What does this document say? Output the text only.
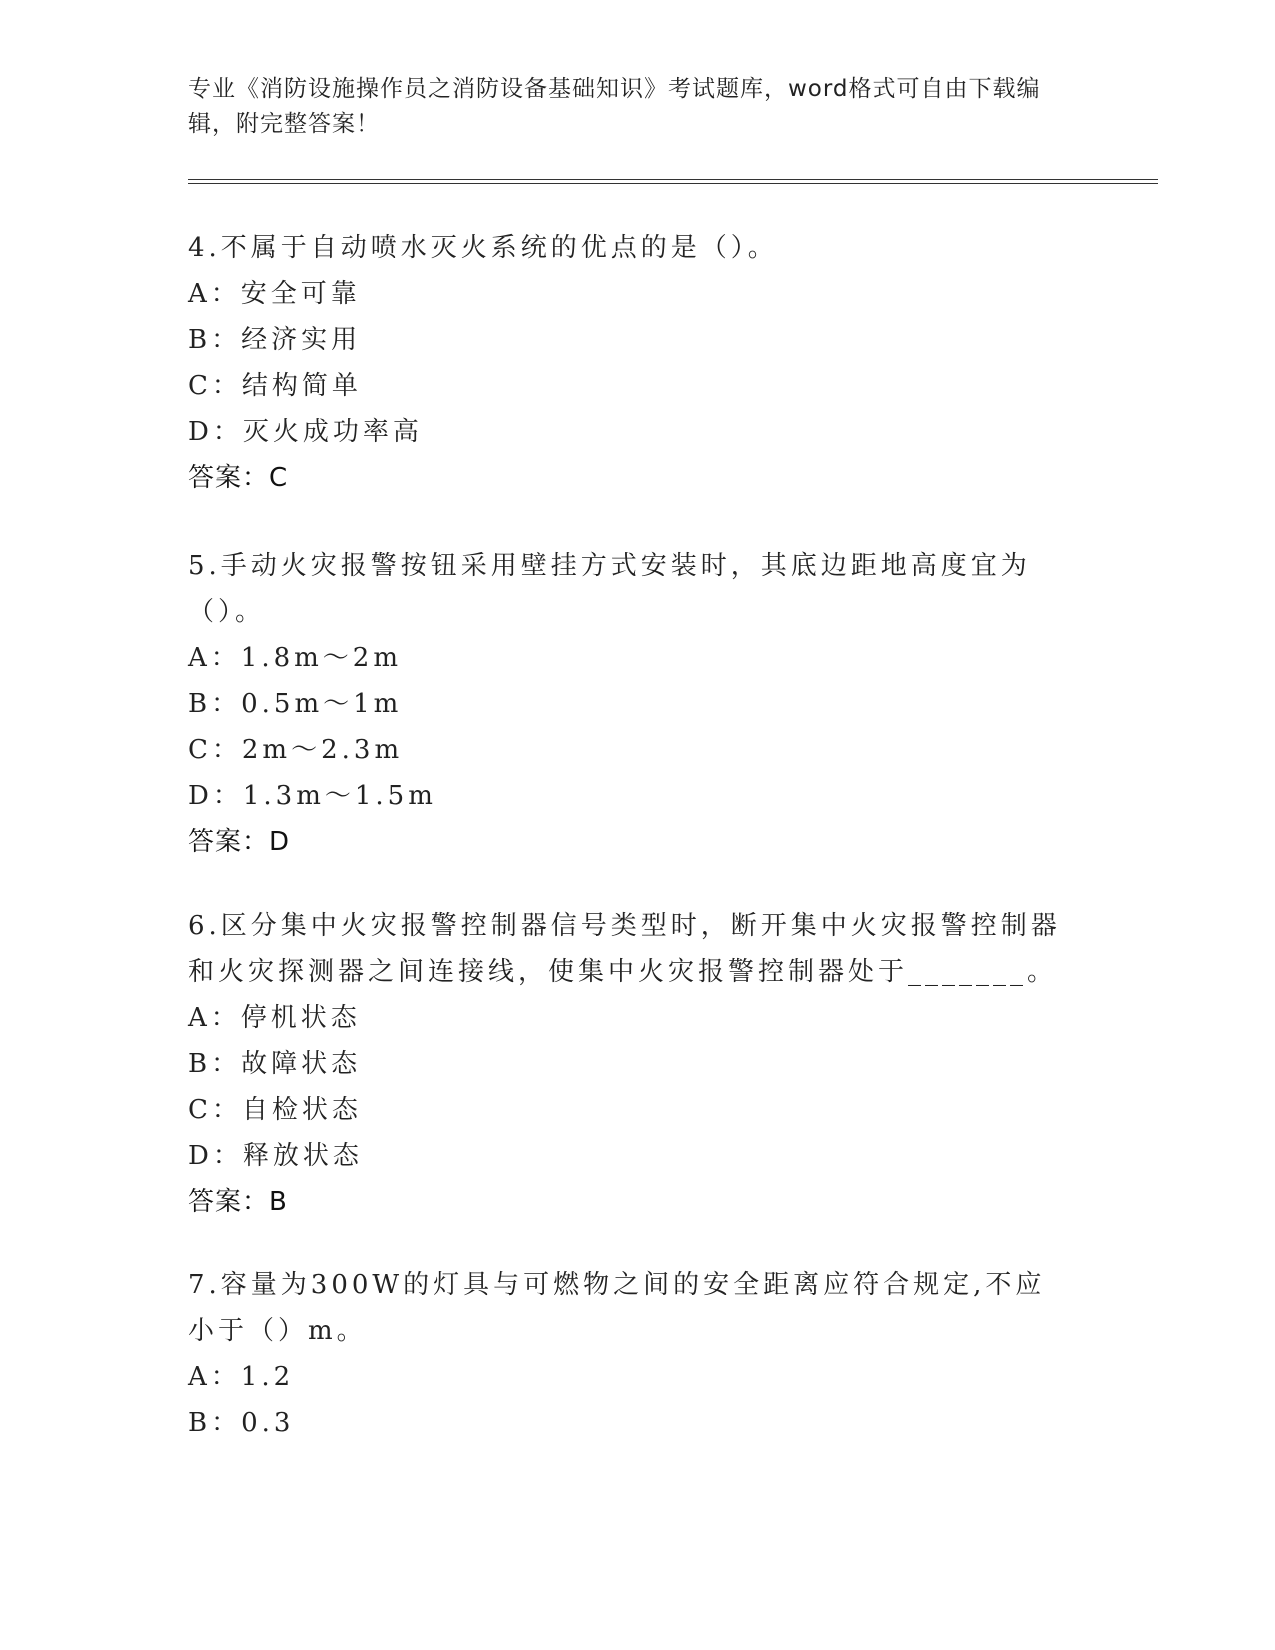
专业《消防设施操作员之消防设备基础知识》考试题库，word格式可自由下载编辑，附完整答案！

4.不属于自动喷水灭火系统的优点的是（）。

A：安全可靠

B：经济实用

C：结构简单

D：灭火成功率高

答案：C

5.手动火灾报警按钮采用壁挂方式安装时，其底边距地高度宜为（）。

A：1.8m～2m

B：0.5m～1m

C：2m～2.3m

D：1.3m～1.5m

答案：D

6.区分集中火灾报警控制器信号类型时，断开集中火灾报警控制器和火灾探测器之间连接线，使集中火灾报警控制器处于_______。

A：停机状态

B：故障状态

C：自检状态

D：释放状态

答案：B

7.容量为300W的灯具与可燃物之间的安全距离应符合规定,不应小于（）m。

A：1.2

B：0.3
